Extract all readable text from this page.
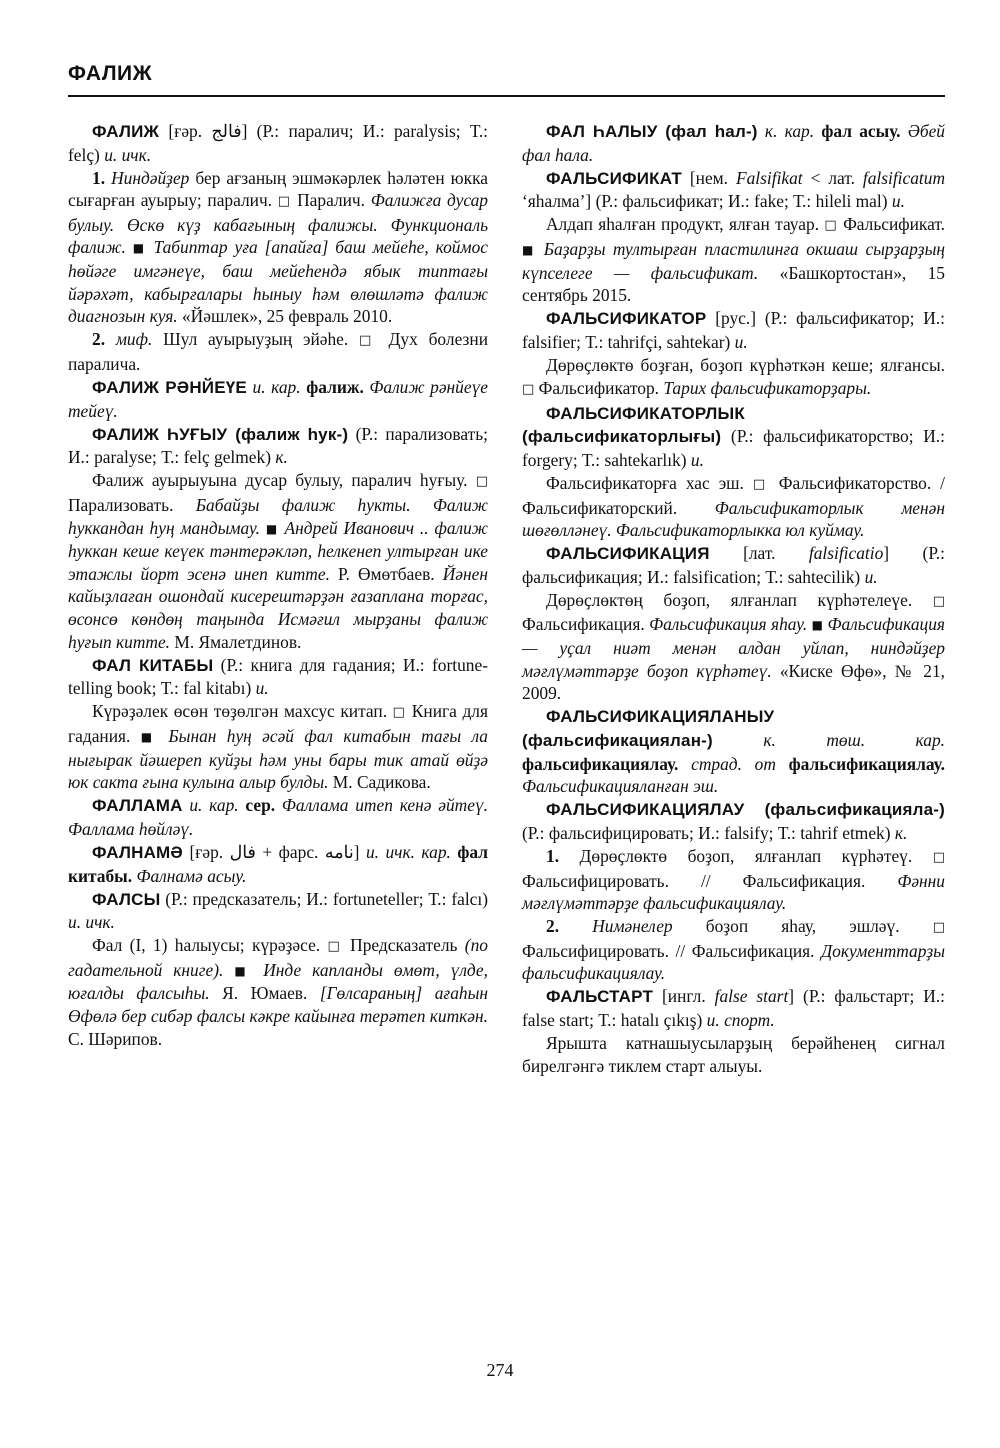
ФАЛИЖ

ФАЛИЖ [ғәр. فالج] (Р.: паралич; И.: paralysis; Т.: felç) и. ичк.

1. Ниндәйҙер бер ағзаның эшмәкәрлек һәләтен юкка сығарған ауырыу; паралич. □ Паралич. Фалижға дусар булыу. Өскө күҙ кабағының фалижы. Функциональ фалиж. ■ Табиптар уға [апайға] баш мейеһе, коймос һөйәге имгәнеүе, баш мейеһендә ябык типтағы йәрәхәт, кабырғалары һыныу һәм өлөшләтә фалиж диагнозын куя. «Йәшлек», 25 февраль 2010.

2. миф. Шул ауырыуҙың эйәһе. □ Дух болезни паралича.

ФАЛИЖ РӘНЙЕҮЕ и. кар. фалиж. Фалиж рәнйеүе тейеү.

ФАЛИЖ ҺУҒЫУ (фалиж һук-) (Р.: парализовать; И.: paralyse; Т.: felç gelmek) к.

Фалиж ауырыуына дусар булыу, паралич һуғыу. □ Парализовать. Бабайҙы фалиж һукты. Фалиж һуккандан һуң мандымау. ■ Андрей Иванович .. фалиж һуккан кеше кеүек тәнтерәкләп, һелкенеп ултырған ике этажлы йорт эсенә инеп китте. Р. Өмөтбаев. Йәнен кайыҙлаған ошондай кисерештәрҙән ғазаплана торғас, өсонсө көндөң таңында Исмәғил мырҙаны фалиж һуғып китте. М. Ямалетдинов.

ФАЛ КИТАБЫ (Р.: книга для гадания; И.: fortune-telling book; Т.: fal kitabı) и.

Күрәҙәлек өсөн төҙөлгән махсус китап. □ Книга для гадания. ■ Бынан һуң әсәй фал китабын тағы ла нығырак йәшереп куйҙы һәм уны бары тик атай өйҙә юк сакта ғына кулына алыр булды. М. Садикова.

ФАЛЛАМА и. кар. сер. Фаллама итеп кенә әйтеү. Фаллама һөйләү.

ФАЛНАМӘ [ғәр. فال + фарс. نامه] и. ичк. кар. фал китабы. Фалнамә асыу.

ФАЛСЫ (Р.: предсказатель; И.: fortuneteller; Т.: falcı) и. ичк.

Фал (I, 1) һалыусы; күрәҙәсе. □ Предсказатель (по гадательной книге). ■ Инде капланды өмөт, үлде, юғалды фалсыһы. Я. Юмаев. [Гөлсараның] ағаһын Өфөлә бер сибәр фалсы кәкре кайынға терәтеп киткән. С. Шәрипов.

ФАЛ ҺАЛЫУ (фал һал-) к. кар. фал асыу. Әбей фал һала.

ФАЛЬСИФИКАТ [нем. Falsifikat < лат. falsificatum ‘яһалма’] (Р.: фальсификат; И.: fake; Т.: hileli mal) и.

Алдап яһалған продукт, ялған тауар. □ Фальсификат. ■ Баҙарҙы тултырған пластилинға окшаш сырҙарҙың күпселеге — фальсификат. «Башкортостан», 15 сентябрь 2015.

ФАЛЬСИФИКАТОР [рус.] (Р.: фальсификатор; И.: falsifier; Т.: tahrifçi, sahtekar) и.

Дөрөҫлөктө боҙған, боҙоп күрһәткән кеше; ялғансы. □ Фальсификатор. Тарих фальсификаторҙары.

ФАЛЬСИФИКАТОРЛЫК (фальсификаторлығы) (Р.: фальсификаторство; И.: forgery; Т.: sahtekarlık) и.

Фальсификаторға хас эш. □ Фальсификаторство. / Фальсификаторский. Фальсификаторлык менән шөғөлләнеү. Фальсификаторлыкка юл куймау.

ФАЛЬСИФИКАЦИЯ [лат. falsificatio] (Р.: фальсификация; И.: falsification; Т.: sahtecilik) и.

Дөрөҫлөктөң боҙоп, ялғанлап күрһәтелеүе. □ Фальсификация. Фальсификация яһау. ■ Фальсификация — уҫал ниәт менән алдан уйлап, ниндәйҙер мәғлүмәттәрҙе боҙоп күрһәтеү. «Киске Өфө», № 21, 2009.

ФАЛЬСИФИКАЦИЯЛАНЫУ (фальсификациялан-) к. төш. кар. фальсификациялау. страд. от фальсификациялау. Фальсификацияланған эш.

ФАЛЬСИФИКАЦИЯЛАУ (фальсификацияла-) (Р.: фальсифицировать; И.: falsify; Т.: tahrif etmek) к.

1. Дөрөҫлөктө боҙоп, ялғанлап күрһәтеү. □ Фальсифицировать. // Фальсификация. Фәнни мәғлүмәттәрҙе фальсификациялау.

2. Нимәнелер боҙоп яһау, эшләү. □ Фальсифицировать. // Фальсификация. Документтарҙы фальсификациялау.

ФАЛЬСТАРТ [ингл. false start] (Р.: фальстарт; И.: false start; Т.: hatalı çıkış) и. спорт.

Ярышта катнашыусыларҙың берәйһенең сигнал бирелгәнгә тиклем старт алыуы.

274
